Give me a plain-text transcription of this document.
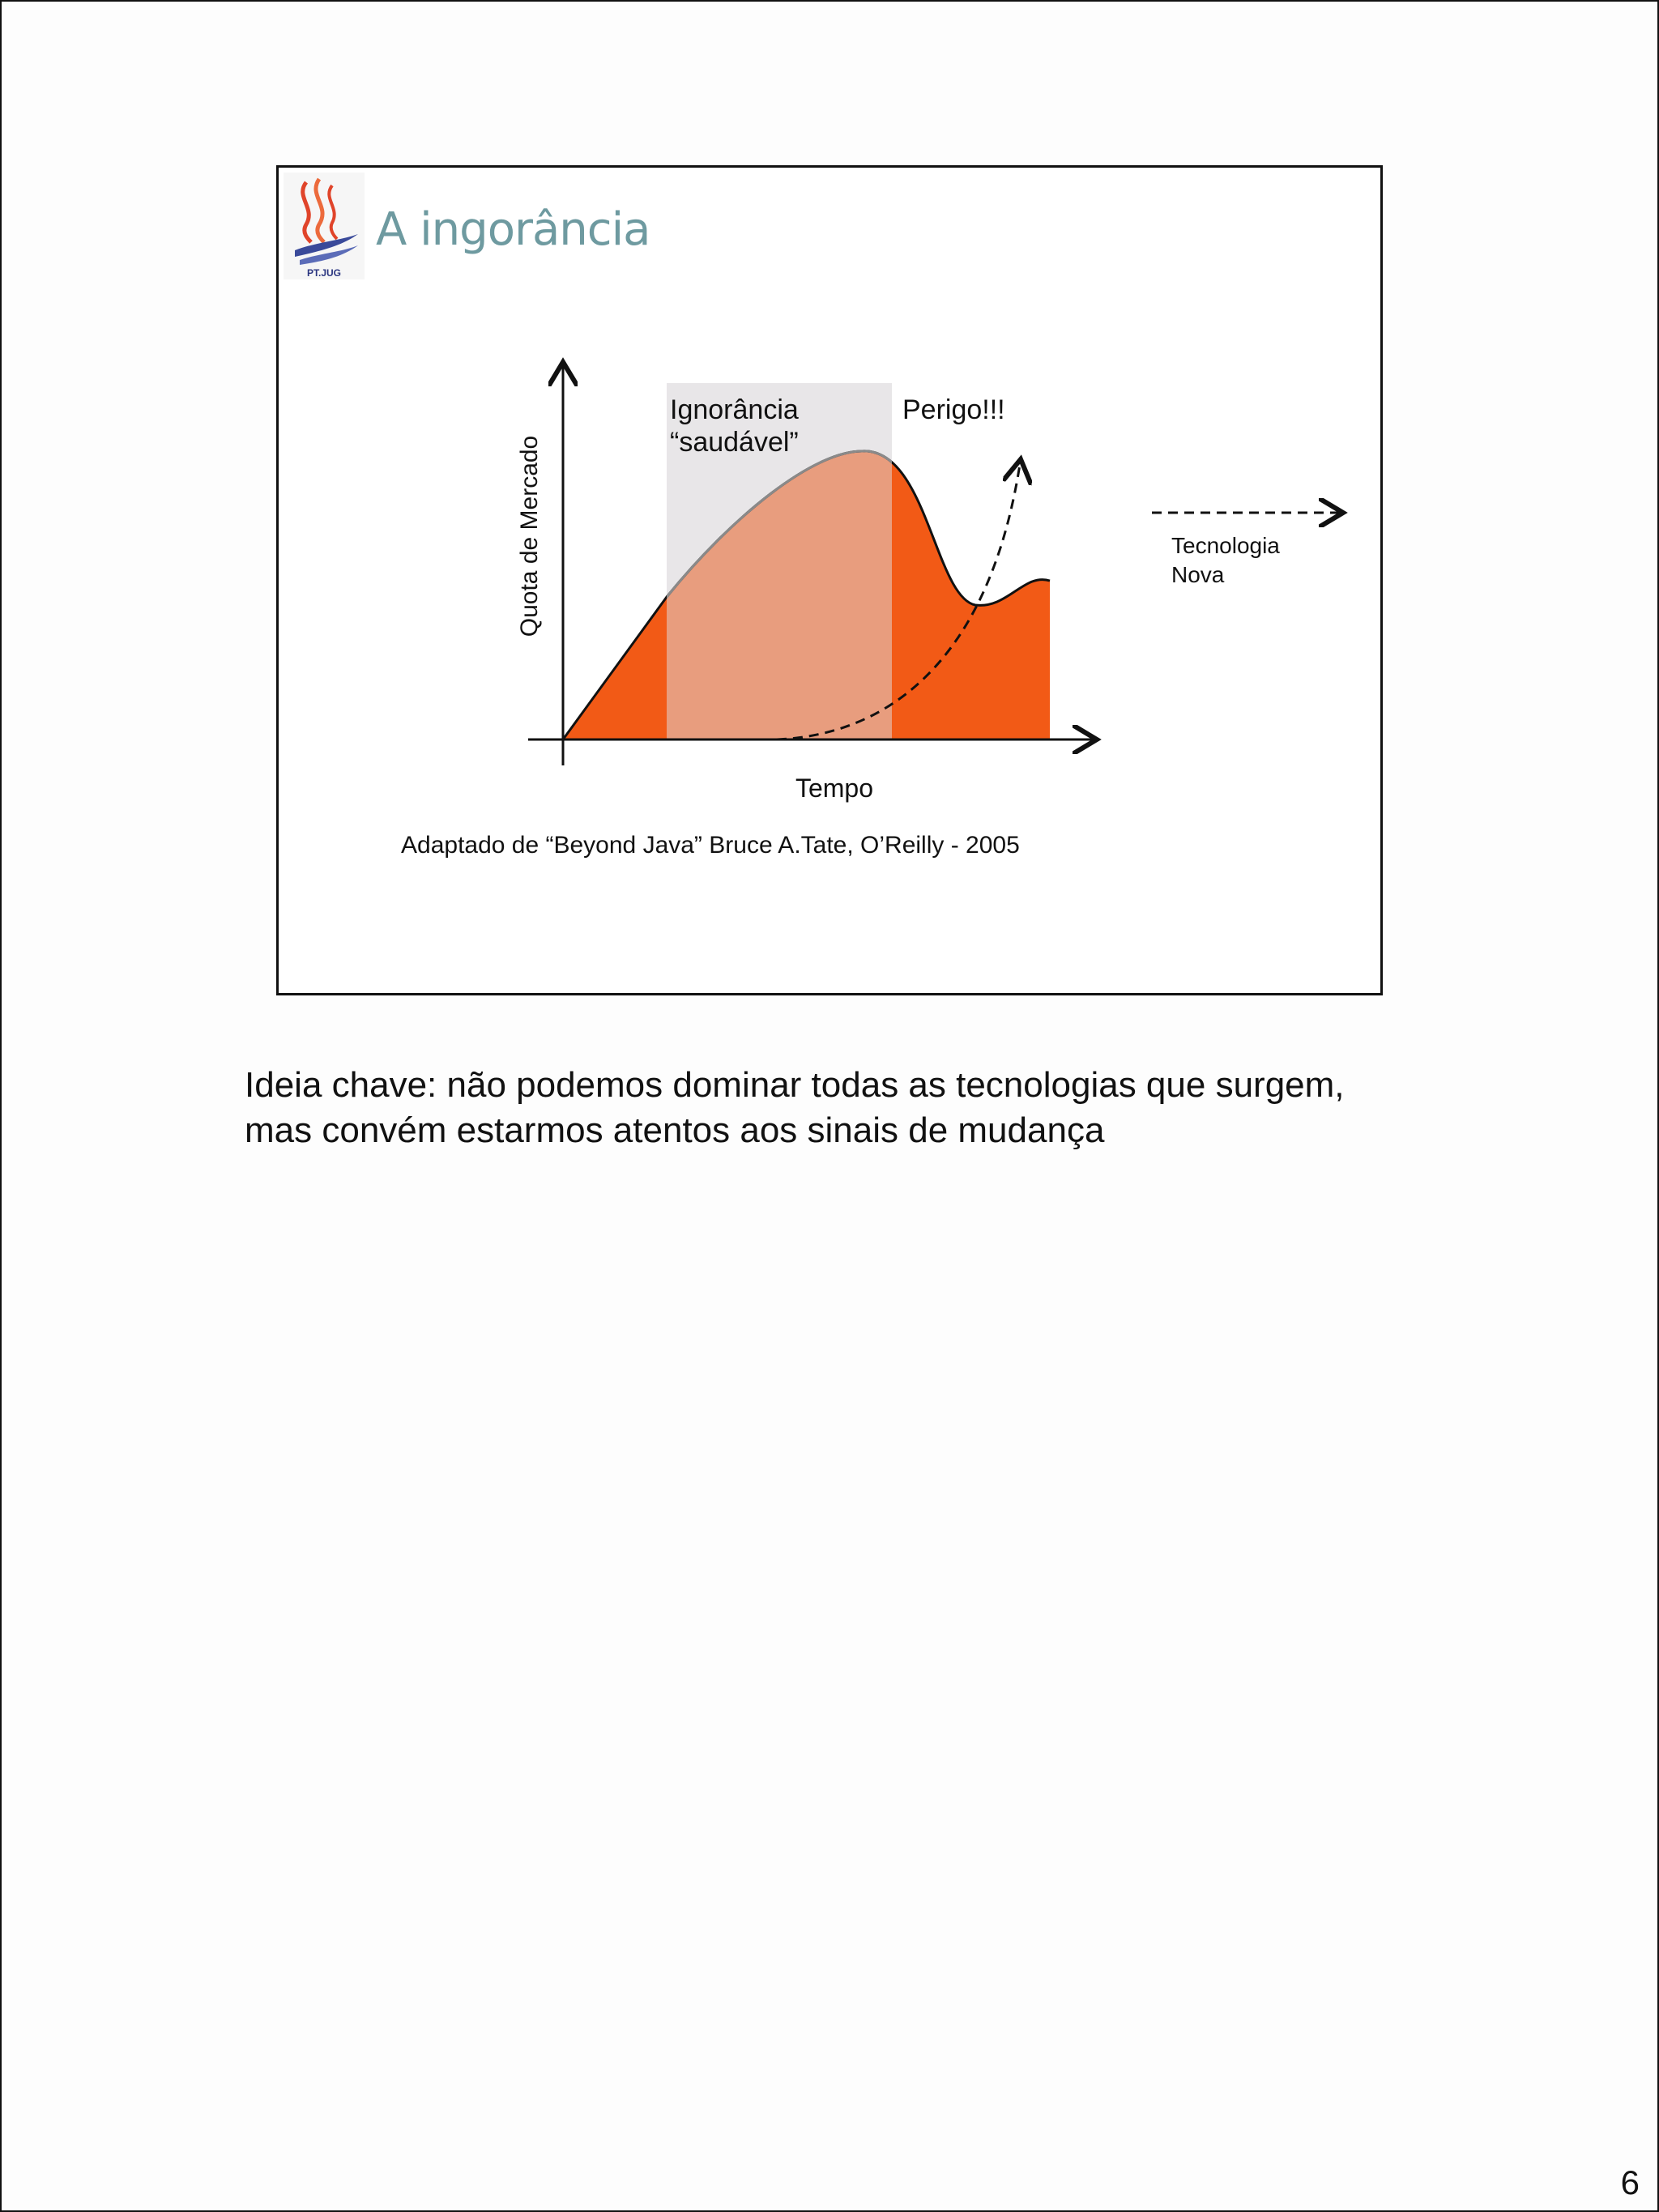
PT.JUG
A ingorância
Quota de Mercado
Tempo
Ignorância
“saudável”
Perigo!!!
Tecnologia
Nova
Adaptado de “Beyond Java” Bruce A.Tate, O’Reilly - 2005
Ideia chave: não podemos dominar todas as tecnologias que surgem,
mas convém estarmos atentos aos sinais de mudança
6
